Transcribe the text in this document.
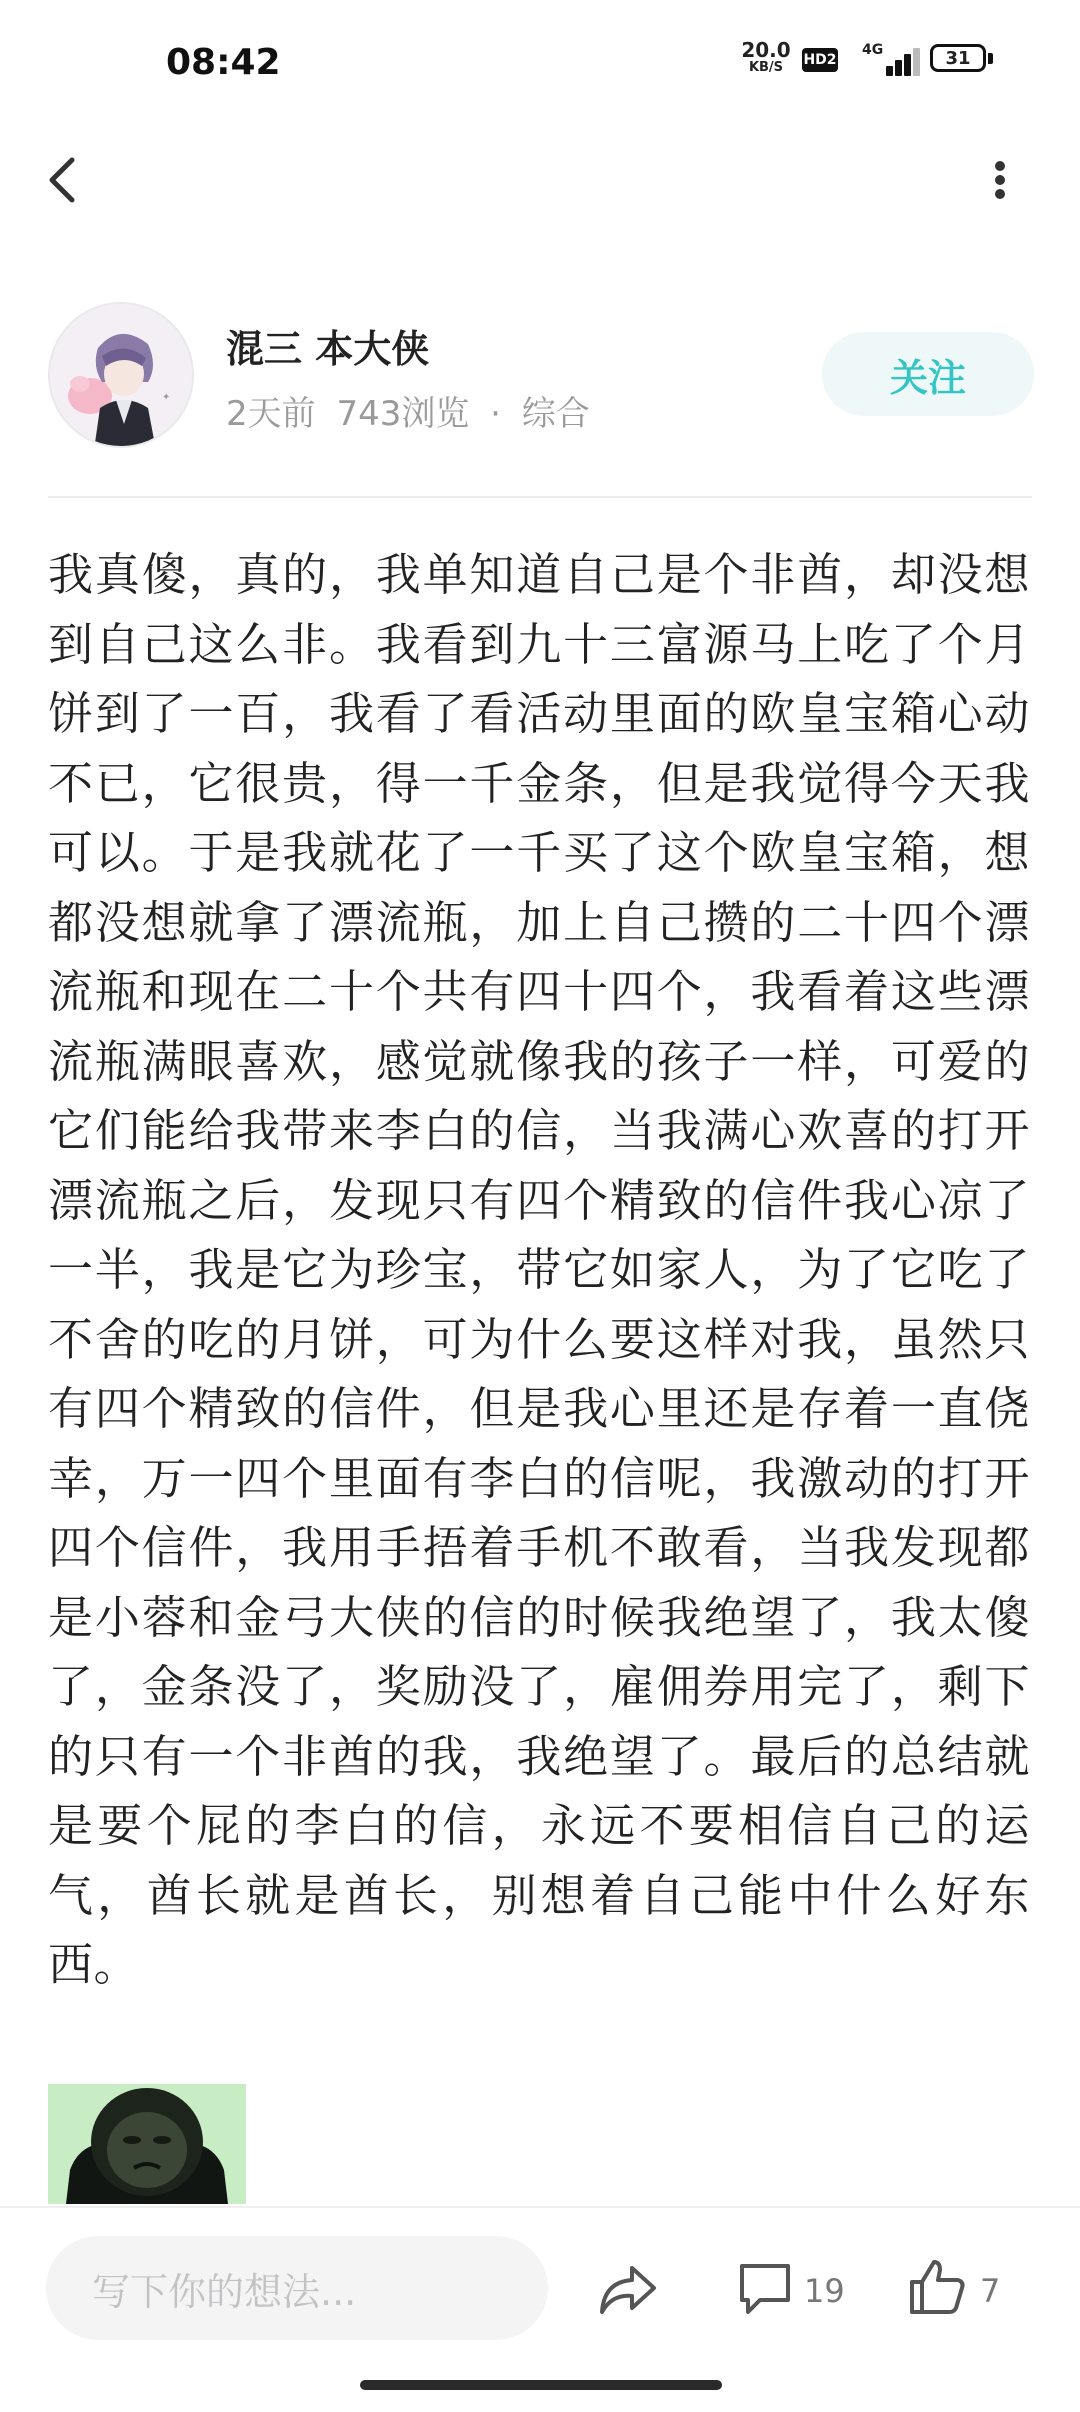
08:42	20.0
KB/S	HD2
4G	31
✦
混三 本大侠
2天前 743浏览 · 综合
关注
我真傻，真的，我单知道自己是个非酋，却没想到自己这么非。我看到九十三富源马上吃了个月饼到了一百，我看了看活动里面的欧皇宝箱心动不已，它很贵，得一千金条，但是我觉得今天我可以。于是我就花了一千买了这个欧皇宝箱，想都没想就拿了漂流瓶，加上自己攒的二十四个漂流瓶和现在二十个共有四十四个，我看着这些漂流瓶满眼喜欢，感觉就像我的孩子一样，可爱的它们能给我带来李白的信，当我满心欢喜的打开漂流瓶之后，发现只有四个精致的信件我心凉了一半，我是它为珍宝，带它如家人，为了它吃了不舍的吃的月饼，可为什么要这样对我，虽然只有四个精致的信件，但是我心里还是存着一直侥幸，万一四个里面有李白的信呢，我激动的打开四个信件，我用手捂着手机不敢看，当我发现都是小蓉和金弓大侠的信的时候我绝望了，我太傻了，金条没了，奖励没了，雇佣券用完了，剩下的只有一个非酋的我，我绝望了。最后的总结就是要个屁的李白的信，永远不要相信自己的运气，酋长就是酋长，别想着自己能中什么好东西。
写下你的想法...	19	7
